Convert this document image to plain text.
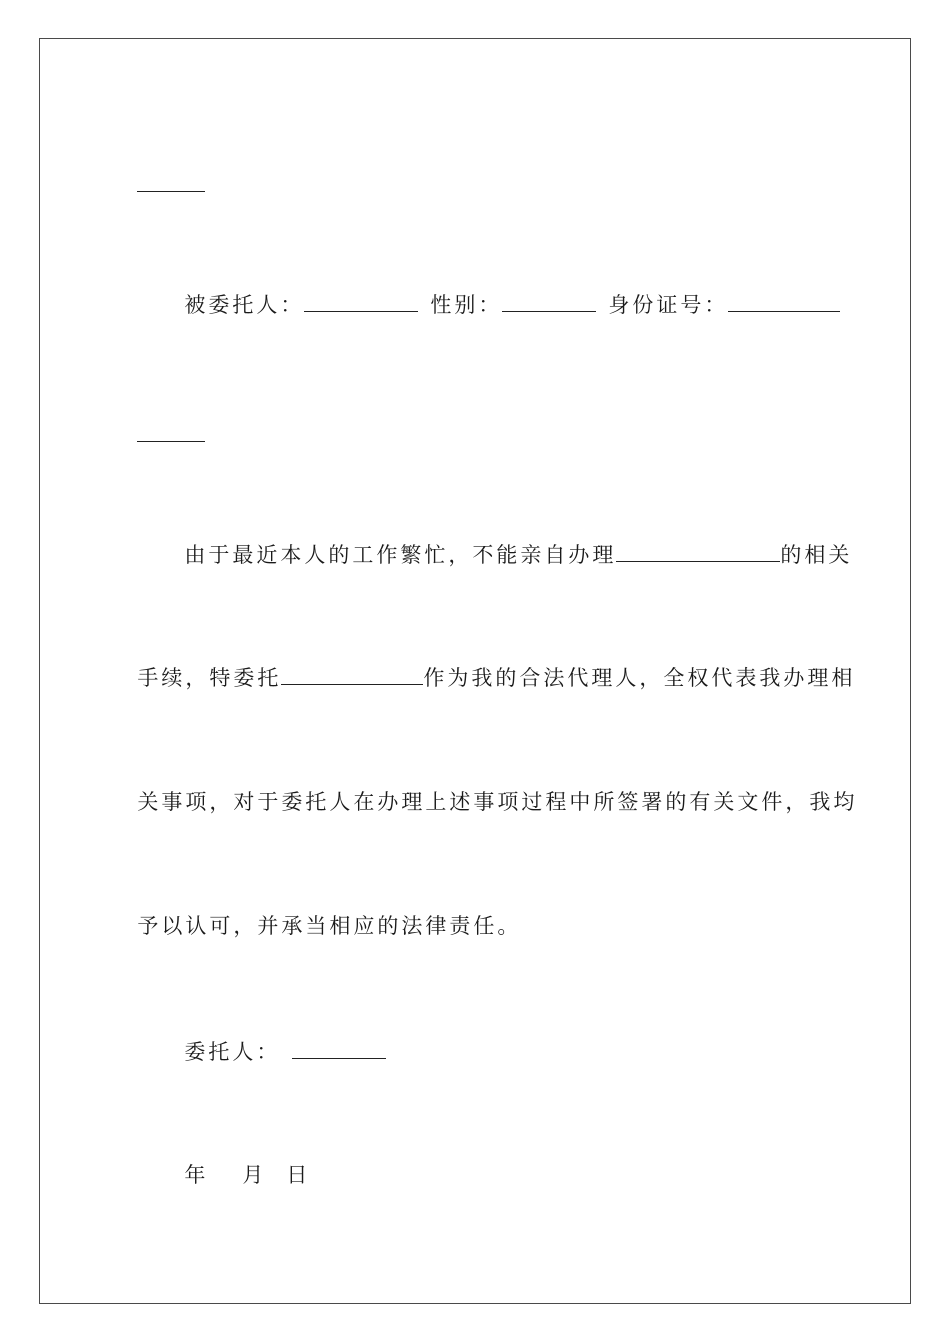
被委托人：	性别：	身份证号：

由于最近本人的工作繁忙，不能亲自办理	的相关

手续，特委托	作为我的合法代理人，全权代表我办理相

关事项，对于委托人在办理上述事项过程中所签署的有关文件，我均

予以认可，并承当相应的法律责任。

委托人：

年 月 日
